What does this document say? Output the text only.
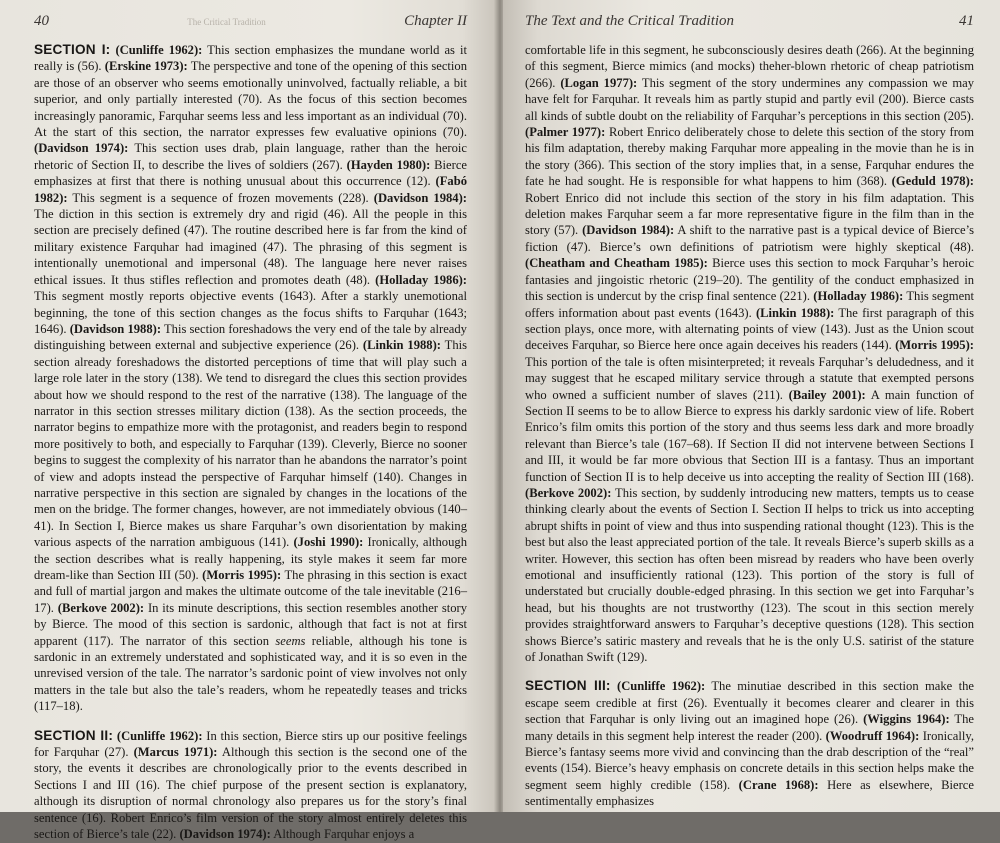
40	The Critical Tradition	Chapter II

SECTION I: (Cunliffe 1962): This section emphasizes the mundane world as it really is (56). (Erskine 1973): The perspective and tone of the opening of this section are those of an observer who seems emotionally uninvolved, factually reliable, a bit superior, and only partially interested (70). As the focus of this section becomes increasingly panoramic, Farquhar seems less and less important as an individual (70). At the start of this section, the narrator expresses few evaluative opinions (70). (Davidson 1974): This section uses drab, plain language, rather than the heroic rhetoric of Section II, to describe the lives of soldiers (267). (Hayden 1980): Bierce emphasizes at first that there is nothing unusual about this occurrence (12). (Fabó 1982): This segment is a sequence of frozen movements (228). (Davidson 1984): The diction in this section is extremely dry and rigid (46). All the people in this section are precisely defined (47). The routine described here is far from the kind of military existence Farquhar had imagined (47). The phrasing of this segment is intentionally unemotional and impersonal (48). The language here never raises ethical issues. It thus stifles reflection and promotes death (48). (Holladay 1986): This segment mostly reports objective events (1643). After a starkly unemotional beginning, the tone of this section changes as the focus shifts to Farquhar (1643; 1646). (Davidson 1988): This section foreshadows the very end of the tale by already distinguishing between external and subjective experience (26). (Linkin 1988): This section already foreshadows the distorted perceptions of time that will play such a large role later in the story (138). We tend to disregard the clues this section provides about how we should respond to the rest of the narrative (138). The language of the narrator in this section stresses military diction (138). As the section proceeds, the narrator begins to empathize more with the protagonist, and readers begin to respond more positively to both, and especially to Farquhar (139). Cleverly, Bierce no sooner begins to suggest the complexity of his narrator than he abandons the narrator’s point of view and adopts instead the perspective of Farquhar himself (140). Changes in narrative perspective in this section are signaled by changes in the locations of the men on the bridge. The former changes, however, are not immediately obvious (140–41). In Section I, Bierce makes us share Farquhar’s own disorientation by making various aspects of the narration ambiguous (141). (Joshi 1990): Ironically, although the section describes what is really happening, its style makes it seem far more dream-like than Section III (50). (Morris 1995): The phrasing in this section is exact and full of martial jargon and makes the ultimate outcome of the tale inevitable (216–17). (Berkove 2002): In its minute descriptions, this section resembles another story by Bierce. The mood of this section is sardonic, although that fact is not at first apparent (117). The narrator of this section seems reliable, although his tone is sardonic in an extremely understated and sophisticated way, and it is so even in the unrevised version of the tale. The narrator’s sardonic point of view involves not only matters in the tale but also the tale’s readers, whom he repeatedly teases and tricks (117–18).

SECTION II: (Cunliffe 1962): In this section, Bierce stirs up our positive feelings for Farquhar (27). (Marcus 1971): Although this section is the second one of the story, the events it describes are chronologically prior to the events described in Sections I and III (16). The chief purpose of the present section is explanatory, although its disruption of normal chronology also prepares us for the story’s final sentence (16). Robert Enrico’s film version of the story almost entirely deletes this section of Bierce’s tale (22). (Davidson 1974): Although Farquhar enjoys a

The Text and the Critical Tradition	41

comfortable life in this segment, he subconsciously desires death (266). At the beginning of this segment, Bierce mimics (and mocks) theher-blown rhetoric of cheap patriotism (266). (Logan 1977): This segment of the story undermines any compassion we may have felt for Farquhar. It reveals him as partly stupid and partly evil (200). Bierce casts all kinds of subtle doubt on the reliability of Farquhar’s perceptions in this section (205). (Palmer 1977): Robert Enrico deliberately chose to delete this section of the story from his film adaptation, thereby making Farquhar more appealing in the movie than he is in the story (366). This section of the story implies that, in a sense, Farquhar endures the fate he had sought. He is responsible for what happens to him (368). (Geduld 1978): Robert Enrico did not include this section of the story in his film adaptation. This deletion makes Farquhar seem a far more representative figure in the film than in the story (57). (Davidson 1984): A shift to the narrative past is a typical device of Bierce’s fiction (47). Bierce’s own definitions of patriotism were highly skeptical (48). (Cheatham and Cheatham 1985): Bierce uses this section to mock Farquhar’s heroic fantasies and jingoistic rhetoric (219–20). The gentility of the conduct emphasized in this section is undercut by the crisp final sentence (221). (Holladay 1986): This segment offers information about past events (1643). (Linkin 1988): The first paragraph of this section plays, once more, with alternating points of view (143). Just as the Union scout deceives Farquhar, so Bierce here once again deceives his readers (144). (Morris 1995): This portion of the tale is often misinterpreted; it reveals Farquhar’s deludedness, and it may suggest that he escaped military service through a statute that exempted persons who owned a sufficient number of slaves (211). (Bailey 2001): A main function of Section II seems to be to allow Bierce to express his darkly sardonic view of life. Robert Enrico’s film omits this portion of the story and thus seems less dark and more broadly relevant than Bierce’s tale (167–68). If Section II did not intervene between Sections I and III, it would be far more obvious that Section III is a fantasy. Thus an important function of Section II is to help deceive us into accepting the reality of Section III (168). (Berkove 2002): This section, by suddenly introducing new matters, tempts us to cease thinking clearly about the events of Section I. Section II helps to trick us into accepting abrupt shifts in point of view and thus into suspending rational thought (123). This is the best but also the least appreciated portion of the tale. It reveals Bierce’s superb skills as a writer. However, this section has often been misread by readers who have been overly emotional and insufficiently rational (123). This portion of the story is full of understated but crucially double-edged phrasing. In this section we get into Farquhar’s head, but his thoughts are not trustworthy (123). The scout in this section merely provides straightforward answers to Farquhar’s deceptive questions (128). This section shows Bierce’s satiric mastery and reveals that he is the only U.S. satirist of the stature of Jonathan Swift (129).

SECTION III: (Cunliffe 1962): The minutiae described in this section make the escape seem credible at first (26). Eventually it becomes clearer and clearer in this section that Farquhar is only living out an imagined hope (26). (Wiggins 1964): The many details in this segment help interest the reader (200). (Woodruff 1964): Ironically, Bierce’s fantasy seems more vivid and convincing than the drab description of the “real” events (154). Bierce’s heavy emphasis on concrete details in this section helps make the segment seem highly credible (158). (Crane 1968): Here as elsewhere, Bierce sentimentally emphasizes
